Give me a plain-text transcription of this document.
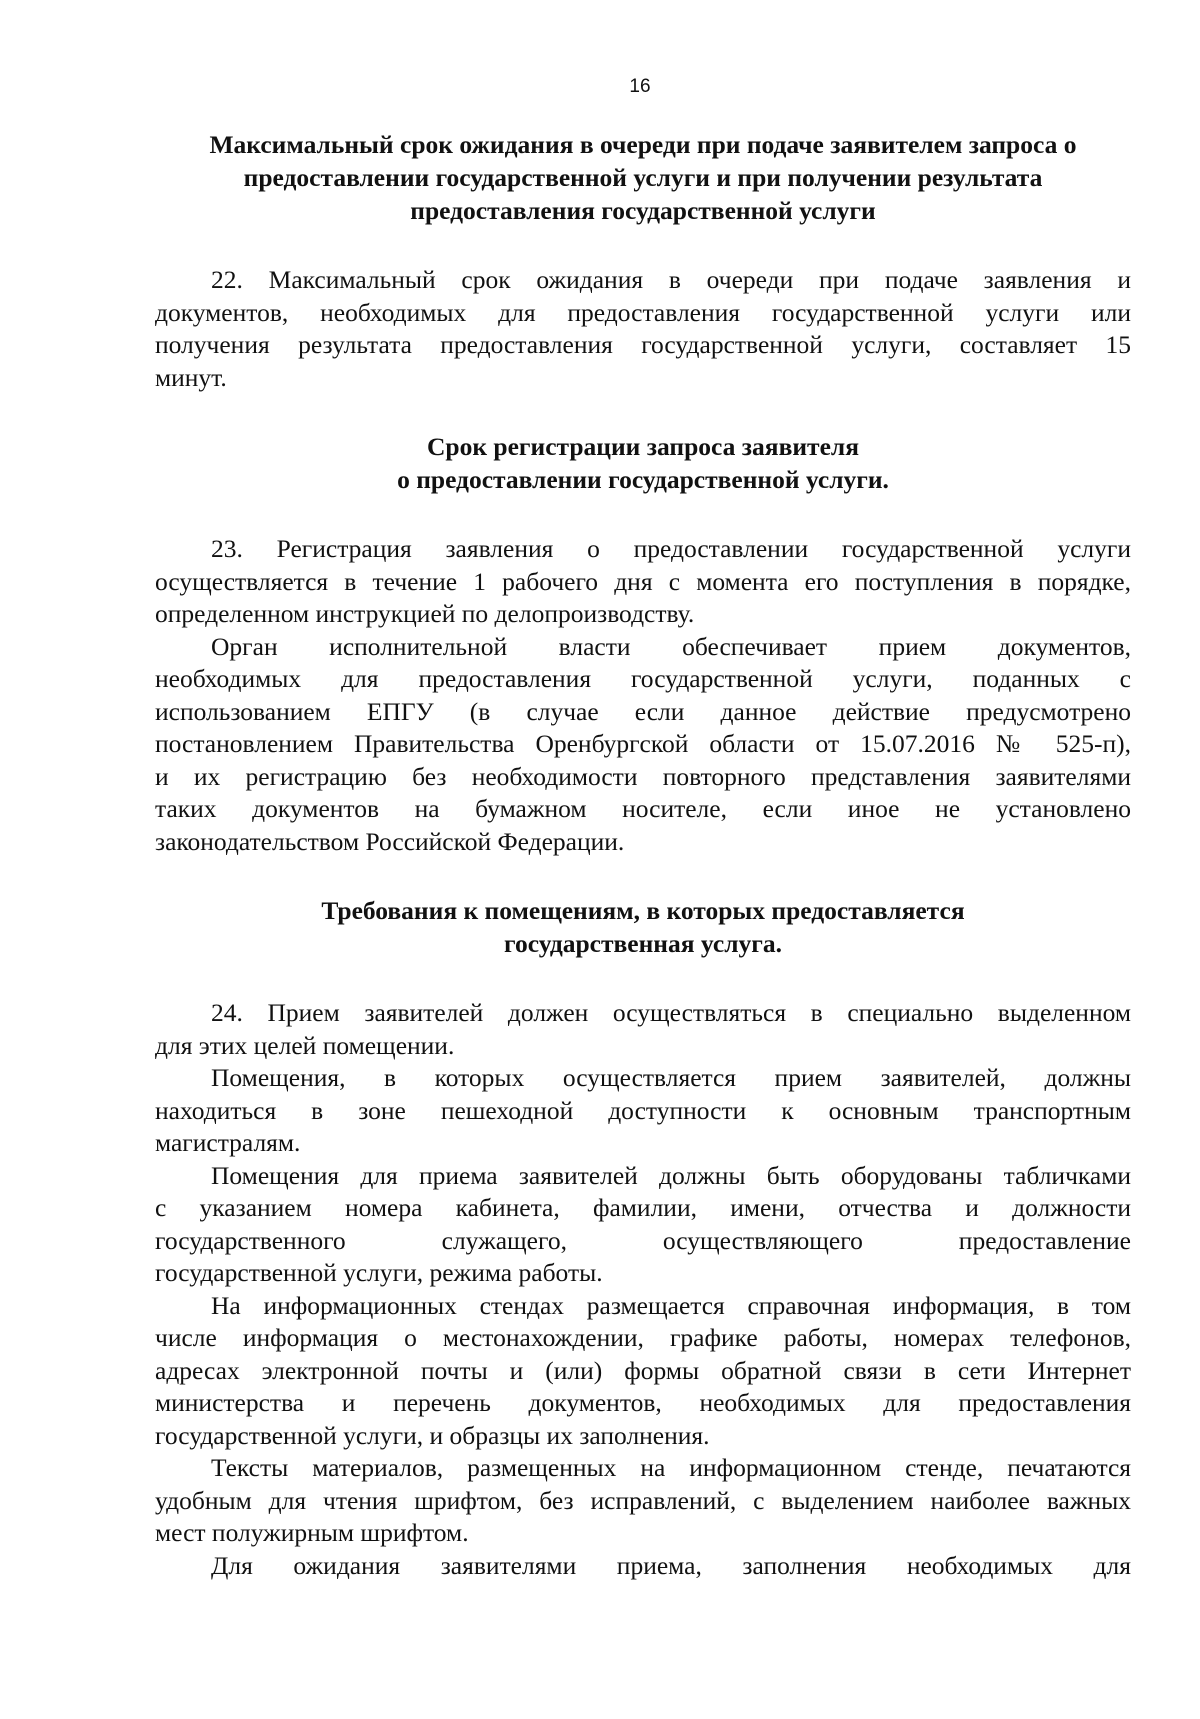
16
Максимальный срок ожидания в очереди при подаче заявителем запроса о
предоставлении государственной услуги и при получении результата
предоставления государственной услуги
22. Максимальный срок ожидания в очереди при подаче заявления и
документов, необходимых для предоставления государственной услуги или
получения результата предоставления государственной услуги, составляет 15
минут.
Срок регистрации запроса заявителя
о предоставлении государственной услуги.
23. Регистрация заявления о предоставлении государственной услуги
осуществляется в течение 1 рабочего дня с момента его поступления в порядке,
определенном инструкцией по делопроизводству.
Орган исполнительной власти обеспечивает прием документов,
необходимых для предоставления государственной услуги, поданных с
использованием ЕПГУ (в случае если данное действие предусмотрено
постановлением Правительства Оренбургской области от 15.07.2016 № 525-п),
и их регистрацию без необходимости повторного представления заявителями
таких документов на бумажном носителе, если иное не установлено
законодательством Российской Федерации.
Требования к помещениям, в которых предоставляется
государственная услуга.
24. Прием заявителей должен осуществляться в специально выделенном
для этих целей помещении.
Помещения, в которых осуществляется прием заявителей, должны
находиться в зоне пешеходной доступности к основным транспортным
магистралям.
Помещения для приема заявителей должны быть оборудованы табличками
с указанием номера кабинета, фамилии, имени, отчества и должности
государственного служащего, осуществляющего предоставление
государственной услуги, режима работы.
На информационных стендах размещается справочная информация, в том
числе информация о местонахождении, графике работы, номерах телефонов,
адресах электронной почты и (или) формы обратной связи в сети Интернет
министерства и перечень документов, необходимых для предоставления
государственной услуги, и образцы их заполнения.
Тексты материалов, размещенных на информационном стенде, печатаются
удобным для чтения шрифтом, без исправлений, с выделением наиболее важных
мест полужирным шрифтом.
Для ожидания заявителями приема, заполнения необходимых для
